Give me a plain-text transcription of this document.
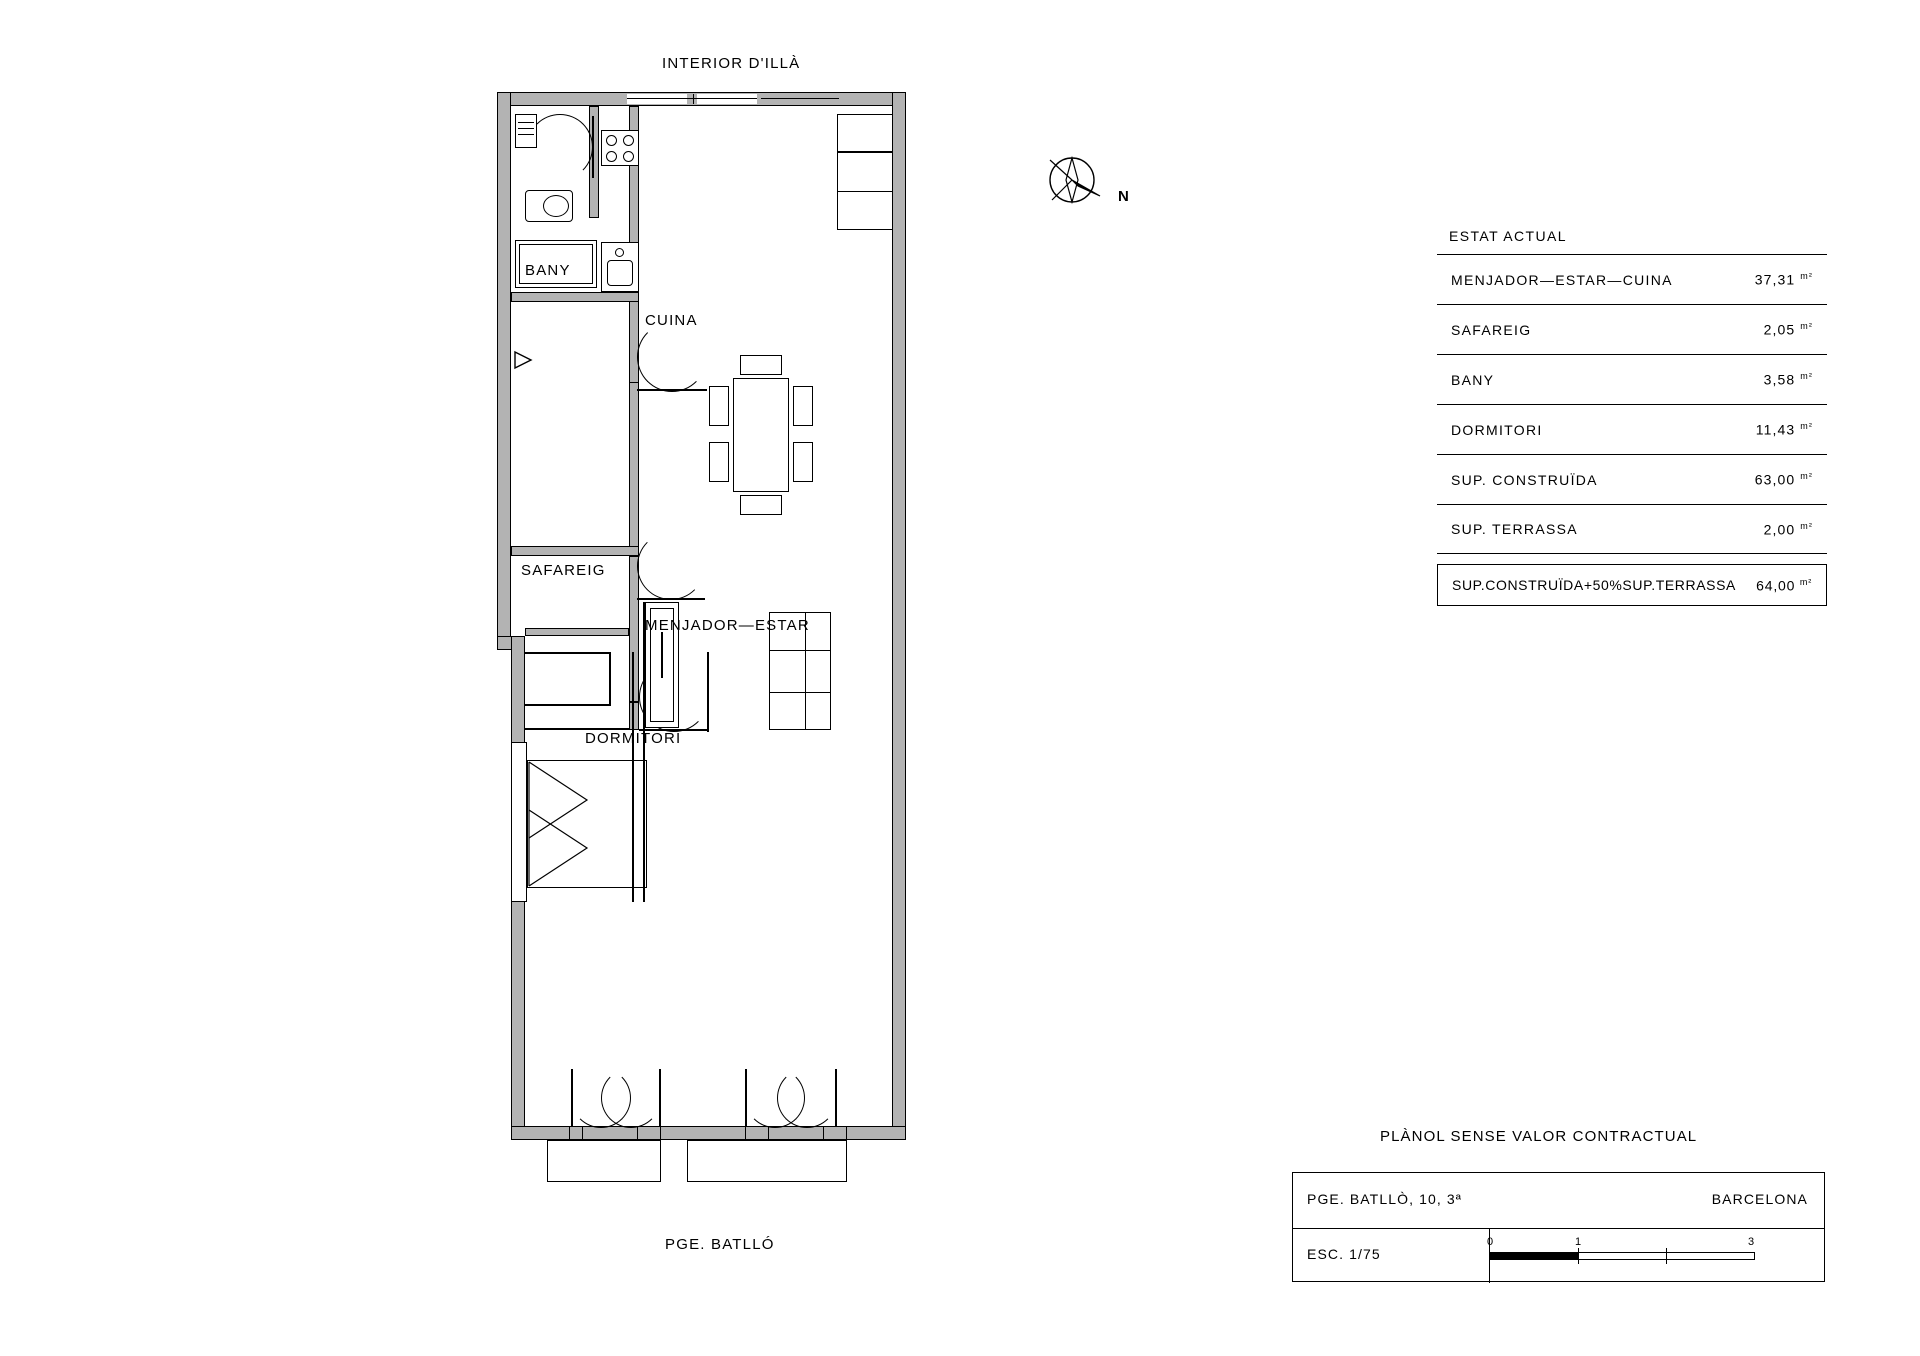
INTERIOR D'ILLÀ
BANY
CUINA
MENJADOR—ESTAR
SAFAREIG
DORMITORI
PGE. BATLLÓ
N
ESTAT ACTUAL
MENJADOR—ESTAR—CUINA	37,31 $^{m^2}$
SAFAREIG	2,05 $^{m^2}$
BANY	3,58 $^{m^2}$
DORMITORI	11,43 $^{m^2}$
SUP. CONSTRUÏDA	63,00 $^{m^2}$
SUP. TERRASSA	2,00 $^{m^2}$
SUP.CONSTRUÏDA+50%SUP.TERRASSA 64,00 $^{m^2}$
PLÀNOL SENSE VALOR CONTRACTUAL
PGE. BATLLÒ, 10, 3ª	BARCELONA
ESC. 1/75
0	1	3
